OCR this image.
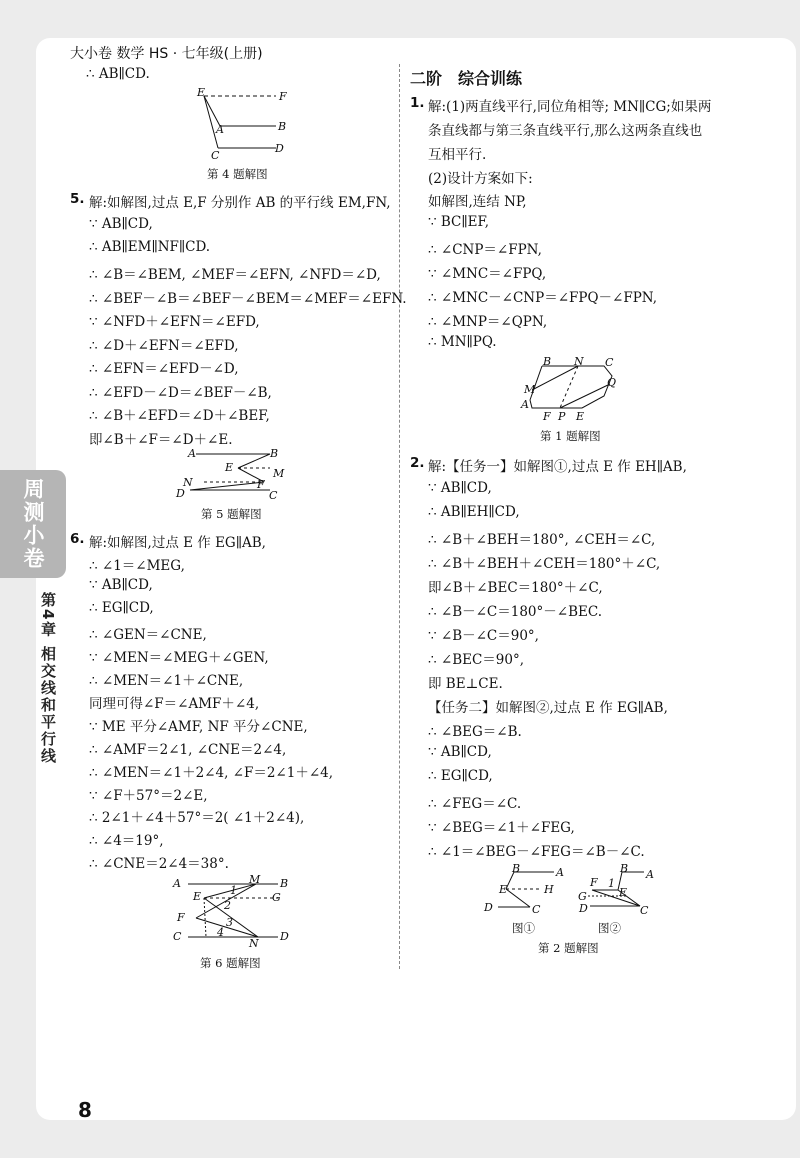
大小卷 数学 HS · 七年级(上册)
周测小卷
第4章 相交线和平行线
8
∴ AB∥CD.
E	F
A	B
C
D
第 4 题解图
5. 解:如解图,过点 E,F 分别作 AB 的平行线 EM,FN,
∵ AB∥CD,
∴ AB∥EM∥NF∥CD.
∴ ∠B＝∠BEM, ∠MEF＝∠EFN, ∠NFD＝∠D,
∴ ∠BEF－∠B＝∠BEF－∠BEM＝∠MEF＝∠EFN.
∵ ∠NFD＋∠EFN＝∠EFD,
∴ ∠D＋∠EFN＝∠EFD,
∴ ∠EFN＝∠EFD－∠D,
∴ ∠EFD－∠D＝∠BEF－∠B,
∴ ∠B＋∠EFD＝∠D＋∠BEF,
即∠B＋∠F＝∠D＋∠E.
A	B
E	M
N	F
D	C
第 5 题解图
6. 解:如解图,过点 E 作 EG∥AB,
∴ ∠1＝∠MEG,
∵ AB∥CD,
∴ EG∥CD,
∴ ∠GEN＝∠CNE,
∵ ∠MEN＝∠MEG＋∠GEN,
∴ ∠MEN＝∠1＋∠CNE,
同理可得∠F＝∠AMF＋∠4,
∵ ME 平分∠AMF, NF 平分∠CNE,
∴ ∠AMF＝2∠1, ∠CNE＝2∠4,
∴ ∠MEN＝∠1＋2∠4, ∠F＝2∠1＋∠4,
∵ ∠F＋57°＝2∠E,
∴ 2∠1＋∠4＋57°＝2( ∠1＋2∠4),
∴ ∠4＝19°,
∴ ∠CNE＝2∠4＝38°.
A	M B
E	1
G
2
F	3
4
C
N
D
第 6 题解图
二阶　综合训练
1. 解:(1)两直线平行,同位角相等; MN∥CG;如果两
条直线都与第三条直线平行,那么这两条直线也
互相平行.
(2)设计方案如下:
如解图,连结 NP,
∵ BC∥EF,
∴ ∠CNP＝∠FPN,
∵ ∠MNC＝∠FPQ,
∴ ∠MNC－∠CNP＝∠FPQ－∠FPN,
∴ ∠MNP＝∠QPN,
∴ MN∥PQ.
B N C
M
Q
A
F P E
第 1 题解图
2. 解:【任务一】如解图①,过点 E 作 EH∥AB,
∵ AB∥CD,
∴ AB∥EH∥CD,
∴ ∠B＋∠BEH＝180°, ∠CEH＝∠C,
∴ ∠B＋∠BEH＋∠CEH＝180°＋∠C,
即∠B＋∠BEC＝180°＋∠C,
∴ ∠B－∠C＝180°－∠BEC.
∵ ∠B－∠C＝90°,
∴ ∠BEC＝90°,
即 BE⊥CE.
【任务二】如解图②,过点 E 作 EG∥AB,
∴ ∠BEG＝∠B.
∵ AB∥CD,
∴ EG∥CD,
∴ ∠FEG＝∠C.
∵ ∠BEG＝∠1＋∠FEG,
∴ ∠1＝∠BEG－∠FEG＝∠B－∠C.
B	A
E	H
D	C
图①
B A
F 1
E
G
D	C
图②
第 2 题解图
